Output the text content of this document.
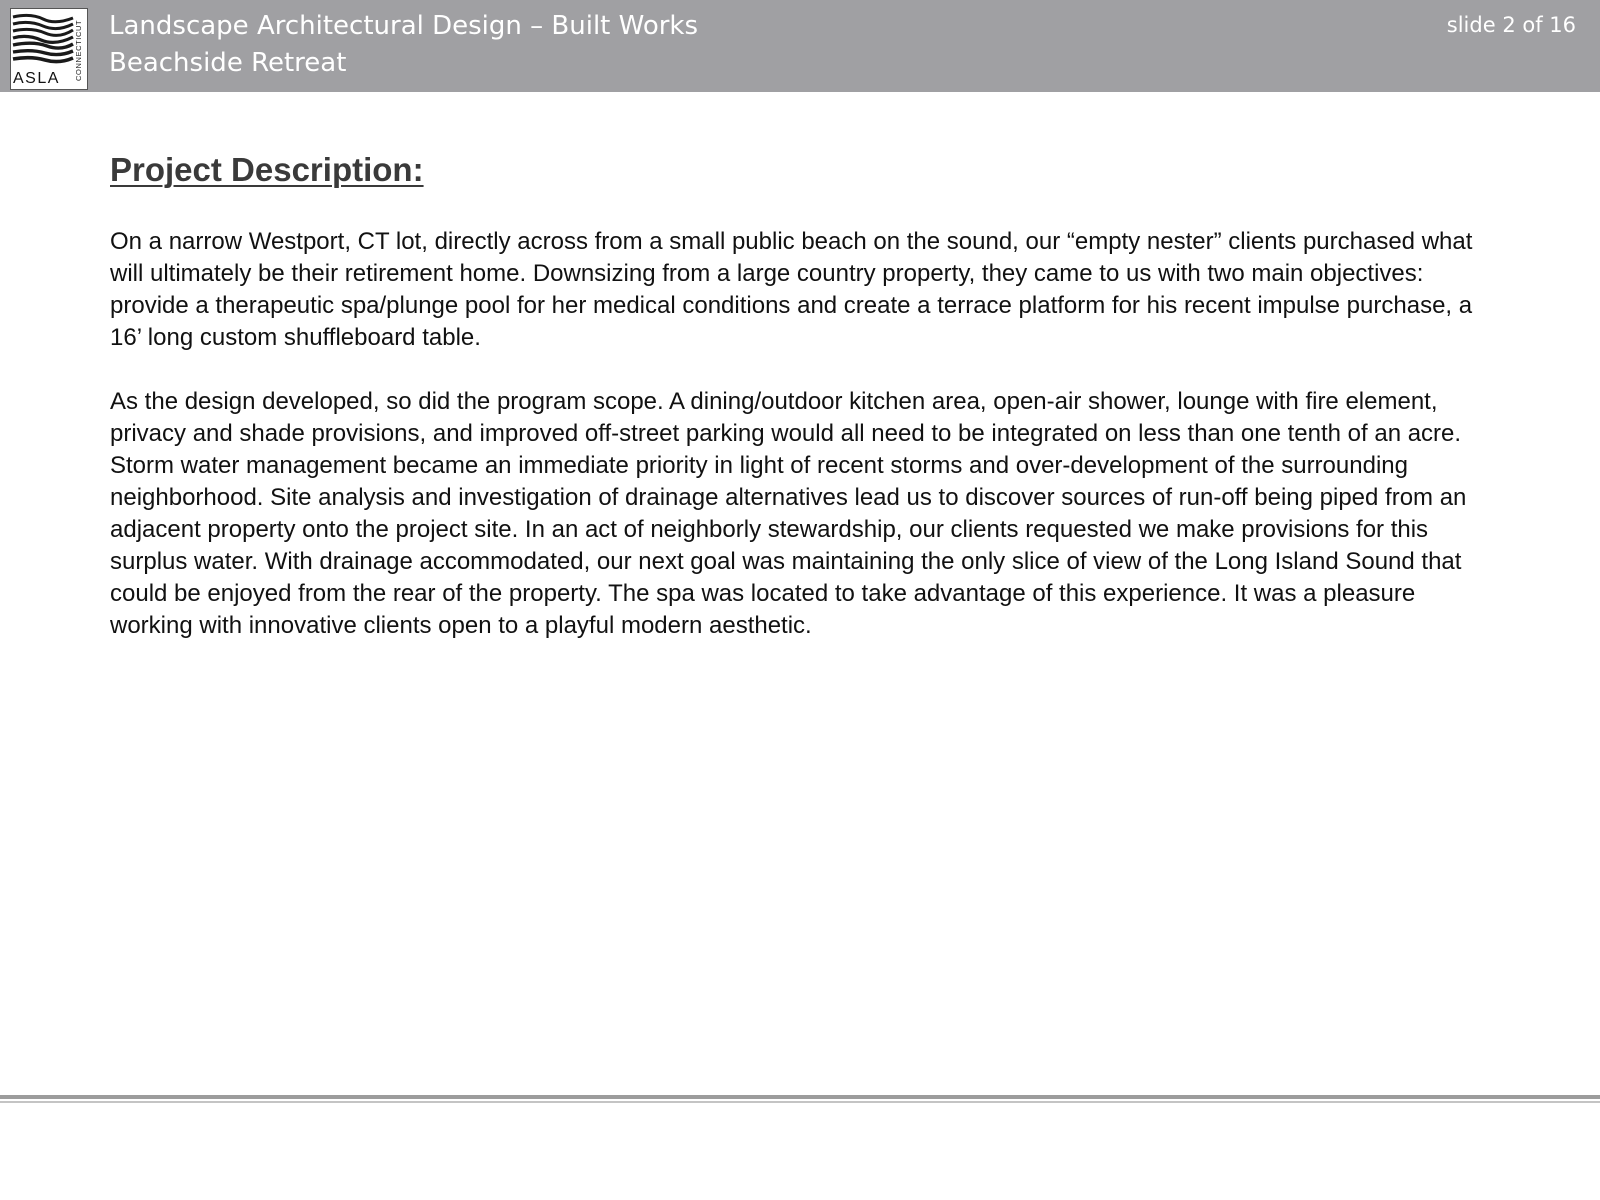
ASLA CONNECTICUT Landscape Architectural Design – Built Works
Beachside Retreat
slide 2 of 16
Project Description:

On a narrow Westport, CT lot, directly across from a small public beach on the sound, our “empty nester” clients purchased what will ultimately be their retirement home. Downsizing from a large country property, they came to us with two main objectives: provide a therapeutic spa/plunge pool for her medical conditions and create a terrace platform for his recent impulse purchase, a 16’ long custom shuffleboard table.

As the design developed, so did the program scope. A dining/outdoor kitchen area, open-air shower, lounge with fire element, privacy and shade provisions, and improved off-street parking would all need to be integrated on less than one tenth of an acre. Storm water management became an immediate priority in light of recent storms and over-development of the surrounding neighborhood. Site analysis and investigation of drainage alternatives lead us to discover sources of run-off being piped from an adjacent property onto the project site. In an act of neighborly stewardship, our clients requested we make provisions for this surplus water. With drainage accommodated, our next goal was maintaining the only slice of view of the Long Island Sound that could be enjoyed from the rear of the property. The spa was located to take advantage of this experience. It was a pleasure working with innovative clients open to a playful modern aesthetic.
